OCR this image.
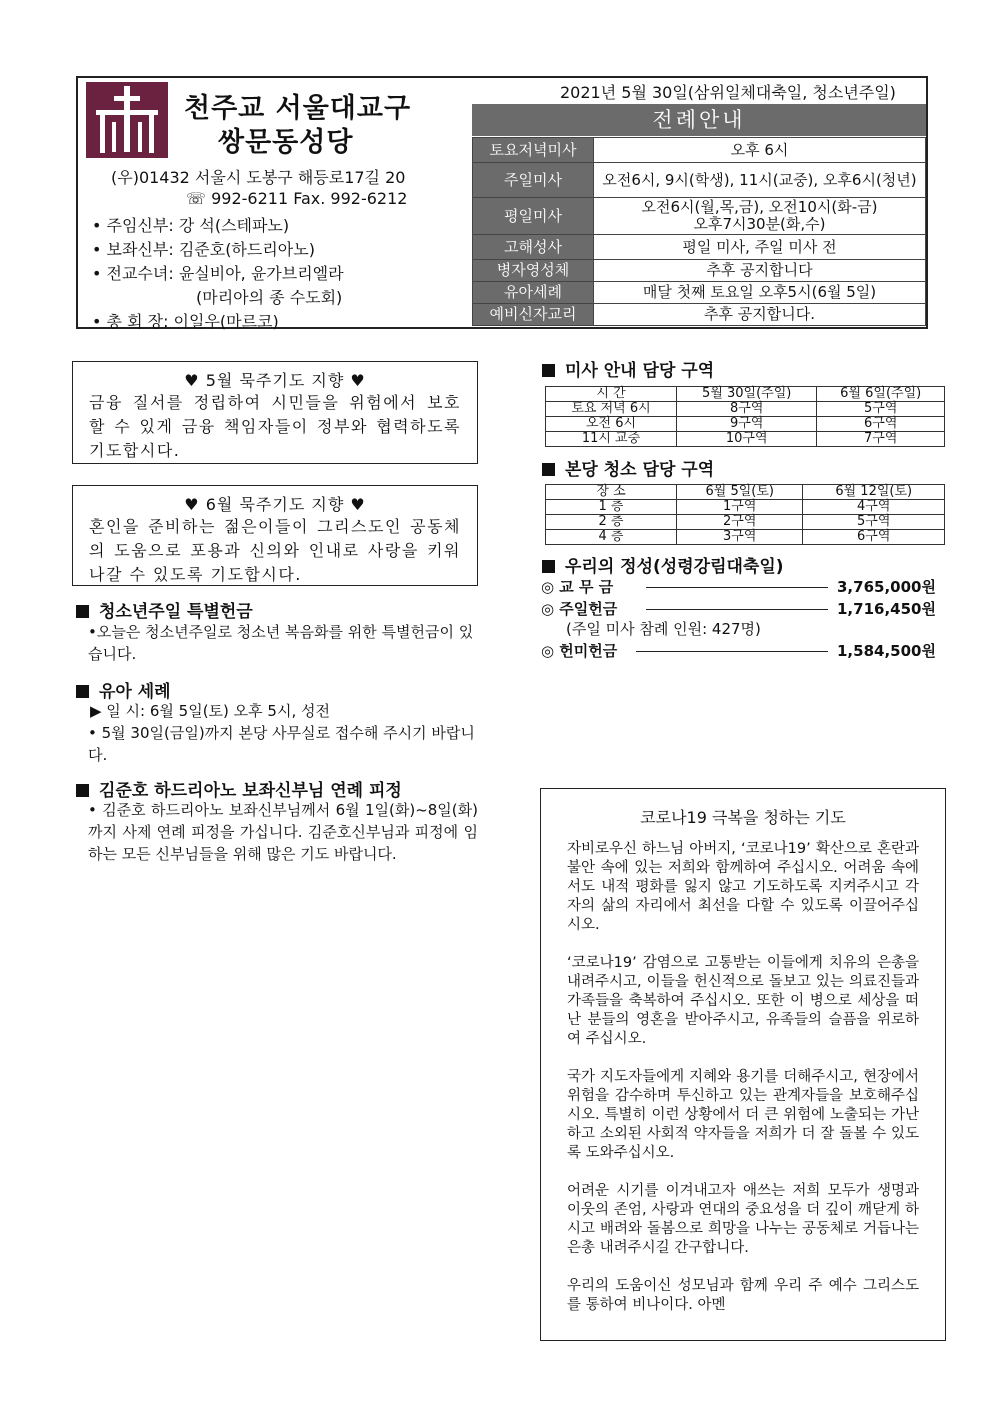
천주교 서울대교구
쌍문동성당
(우)01432 서울시 도봉구 해등로17길 20
☏ 992-6211 Fax. 992-6212
• 주임신부: 강 석(스테파노)
• 보좌신부: 김준호(하드리아노)
• 전교수녀: 윤실비아, 윤가브리엘라
(마리아의 종 수도회)
• 총 회 장: 이일우(마르코)
2021년 5월 30일(삼위일체대축일, 청소년주일)
전례안내
토요저녁미사	오후 6시
주일미사	오전6시, 9시(학생), 11시(교중), 오후6시(청년)
평일미사	오전6시(월,목,금), 오전10시(화-금)
오후7시30분(화,수)

고해성사	평일 미사, 주일 미사 전
병자영성체	추후 공지합니다
유아세례	매달 첫째 토요일 오후5시(6월 5일)
예비신자교리	추후 공지합니다.
♥ 5월 묵주기도 지향 ♥
금융 질서를 정립하여 시민들을 위험에서 보호할 수 있게 금융 책임자들이 정부와 협력하도록 기도합시다.
♥ 6월 묵주기도 지향 ♥
혼인을 준비하는 젊은이들이 그리스도인 공동체의 도움으로 포용과 신의와 인내로 사랑을 키워나갈 수 있도록 기도합시다.
청소년주일 특별헌금
•오늘은 청소년주일로 청소년 복음화를 위한 특별헌금이 있습니다.
유아 세례
▶ 일 시: 6월 5일(토) 오후 5시, 성전
• 5월 30일(금일)까지 본당 사무실로 접수해 주시기 바랍니다.
김준호 하드리아노 보좌신부님 연례 피정
• 김준호 하드리아노 보좌신부님께서 6월 1일(화)~8일(화)까지 사제 연례 피정을 가십니다. 김준호신부님과 피정에 임하는 모든 신부님들을 위해 많은 기도 바랍니다.
미사 안내 담당 구역
시 간	5월 30일(주일)	6월 6일(주일)
토요 저녁 6시	8구역	5구역
오전 6시	9구역	6구역
11시 교중	10구역	7구역
본당 청소 담당 구역
장 소	6월 5일(토)	6월 12일(토)
1 층	1구역	4구역
2 층	2구역	5구역
4 층	3구역	6구역
우리의 정성(성령강림대축일)
◎ 교 무 금	3,765,000원
◎ 주일헌금	1,716,450원
(주일 미사 참례 인원: 427명)
◎ 헌미헌금	1,584,500원
코로나19 극복을 청하는 기도

자비로우신 하느님 아버지, ‘코로나19’ 확산으로 혼란과 불안 속에 있는 저희와 함께하여 주십시오. 어려움 속에서도 내적 평화를 잃지 않고 기도하도록 지켜주시고 각자의 삶의 자리에서 최선을 다할 수 있도록 이끌어주십시오.

‘코로나19’ 감염으로 고통받는 이들에게 치유의 은총을 내려주시고, 이들을 헌신적으로 돌보고 있는 의료진들과 가족들을 축복하여 주십시오. 또한 이 병으로 세상을 떠난 분들의 영혼을 받아주시고, 유족들의 슬픔을 위로하여 주십시오.

국가 지도자들에게 지혜와 용기를 더해주시고, 현장에서 위험을 감수하며 투신하고 있는 관계자들을 보호해주십시오. 특별히 이런 상황에서 더 큰 위험에 노출되는 가난하고 소외된 사회적 약자들을 저희가 더 잘 돌볼 수 있도록 도와주십시오.

어려운 시기를 이겨내고자 애쓰는 저희 모두가 생명과 이웃의 존엄, 사랑과 연대의 중요성을 더 깊이 깨닫게 하시고 배려와 돌봄으로 희망을 나누는 공동체로 거듭나는 은총 내려주시길 간구합니다.

우리의 도움이신 성모님과 함께 우리 주 예수 그리스도를 통하여 비나이다. 아멘
